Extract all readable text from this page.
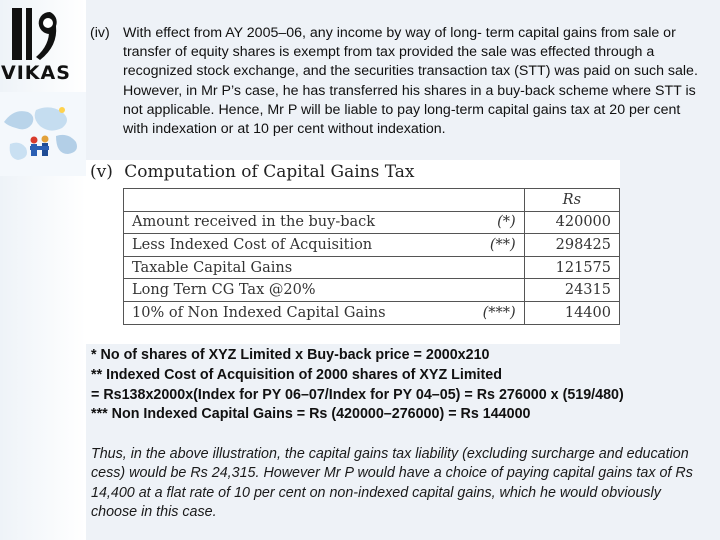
VIKAS
(iv) With effect from AY 2005–06, any income by way of long- term capital gains from sale or transfer of equity shares is exempt from tax provided the sale was effected through a recognized stock exchange, and the securities transaction tax (STT) was paid on such sale. However, in Mr P’s case, he has transferred his shares in a buy-back scheme where STT is not applicable. Hence, Mr P will be liable to pay long-term capital gains tax at 20 per cent with indexation or at 10 per cent without indexation.
(v) Computation of Capital Gains Tax
		Rs
Amount received in the buy-back	(*)	420000
Less Indexed Cost of Acquisition	(**)	298425
Taxable Capital Gains		121575
Long Tern CG Tax @20%		24315
10% of Non Indexed Capital Gains	(***)	14400
* No of shares of XYZ Limited x Buy-back price = 2000x210
** Indexed Cost of Acquisition of 2000 shares of XYZ Limited
= Rs138x2000x(Index for PY 06–07/Index for PY 04–05) = Rs 276000 x (519/480)
*** Non Indexed Capital Gains = Rs (420000–276000) = Rs 144000
Thus, in the above illustration, the capital gains tax liability (excluding surcharge and education cess) would be Rs 24,315. However Mr P would have a choice of paying capital gains tax of Rs 14,400 at a flat rate of 10 per cent on non-indexed capital gains, which he would obviously choose in this case.
